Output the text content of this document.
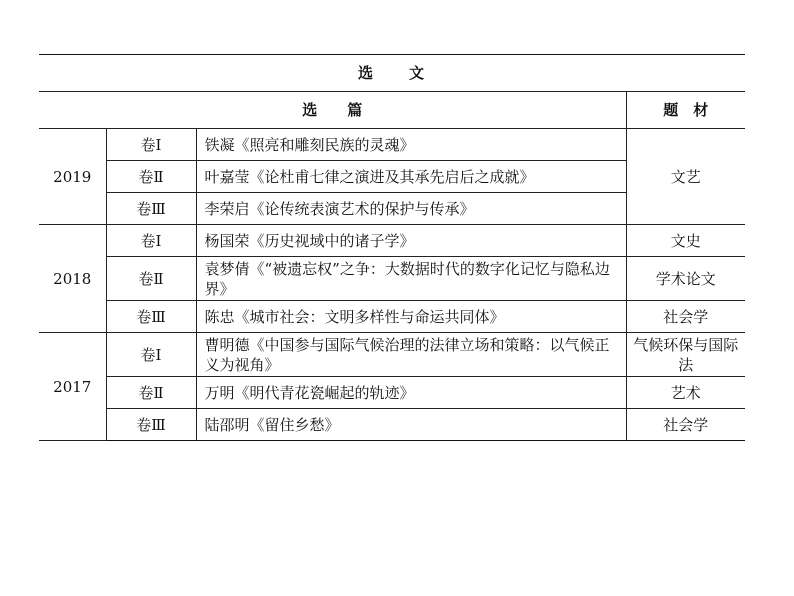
选　　文			
选　　篇			题　材
2019	卷Ⅰ	铁凝《照亮和雕刻民族的灵魂》	文艺
	卷Ⅱ	叶嘉莹《论杜甫七律之演进及其承先启后之成就》	
	卷Ⅲ	李荣启《论传统表演艺术的保护与传承》	
2018	卷Ⅰ	杨国荣《历史视域中的诸子学》	文史
	卷Ⅱ	袁梦倩《“被遗忘权”之争：大数据时代的数字化记忆与隐私边界》	学术论文
	卷Ⅲ	陈忠《城市社会：文明多样性与命运共同体》	社会学
2017	卷Ⅰ	曹明德《中国参与国际气候治理的法律立场和策略：以气候正义为视角》	气候环保与国际法
	卷Ⅱ	万明《明代青花瓷崛起的轨迹》	艺术
	卷Ⅲ	陆邵明《留住乡愁》	社会学
